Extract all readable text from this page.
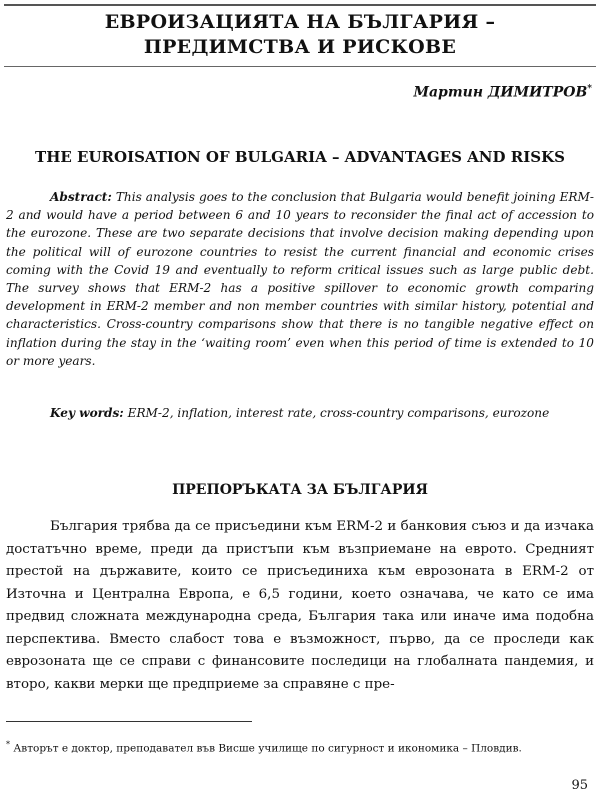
ЕВРОИЗАЦИЯТА НА БЪЛГАРИЯ –
ПРЕДИМСТВА И РИСКОВЕ
Мартин ДИМИТРОВ*
THE EUROISATION OF BULGARIA – ADVANTAGES AND RISKS
Abstract: This analysis goes to the conclusion that Bulgaria would benefit joining ERM-2 and would have a period between 6 and 10 years to reconsider the final act of accession to the eurozone. These are two separate decisions that involve decision making depending upon the political will of eurozone countries to resist the current financial and economic crises coming with the Covid 19 and eventually to reform critical issues such as large public debt. The survey shows that ERM-2 has a positive spillover to economic growth comparing development in ERM-2 member and non member countries with similar history, potential and characteristics. Cross-country comparisons show that there is no tangible negative effect on inflation during the stay in the ‘waiting room’ even when this period of time is extended to 10 or more years.
Key words: ERM-2, inflation, interest rate, cross-country comparisons, eurozone
ПРЕПОРЪКАТА ЗА БЪЛГАРИЯ
България трябва да се присъедини към ERM-2 и банковия съюз и да изчака достатъчно време, преди да пристъпи към възприемане на еврото. Средният престой на държавите, които се присъединиха към еврозоната в ERM-2 от Източна и Централна Европа, е 6,5 години, което означава, че като се има предвид сложната международна среда, България така или иначе има подобна перспектива. Вместо слабост това е възможност, първо, да се проследи как еврозоната ще се справи с финансовите последици на глобалната пандемия, и второ, какви мерки ще предприеме за справяне с пре-
* Авторът е доктор, преподавател във Висше училище по сигурност и икономика – Пловдив.
95
